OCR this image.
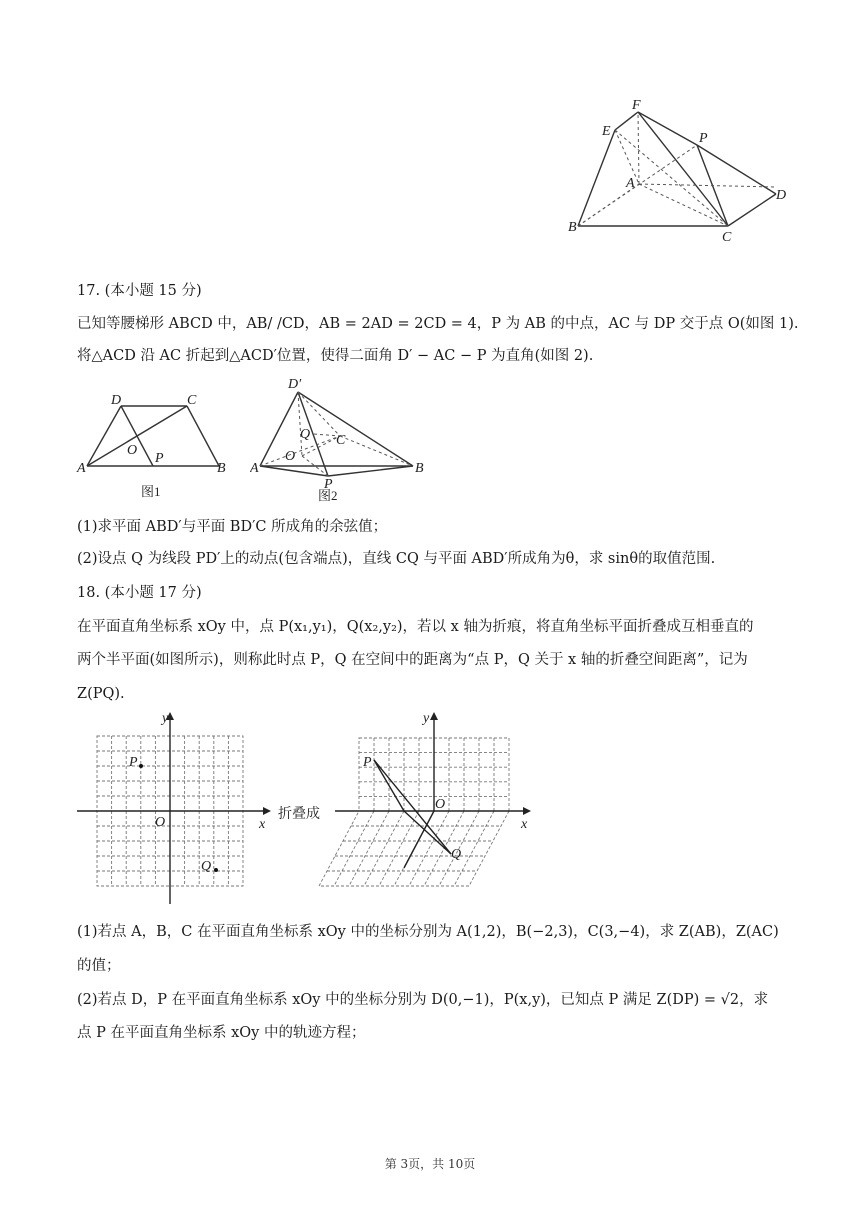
F
E	P
A
D
B
C
17. (本小题 15 分)
已知等腰梯形 ABCD 中，AB/ /CD，AB = 2AD = 2CD = 4，P 为 AB 的中点，AC 与 DP 交于点 O(如图 1).
将△ACD 沿 AC 折起到△ACD′位置，使得二面角 D′ − AC − P 为直角(如图 2).
D	C
A	B
O
P
图1
D′
Q C
O
A	B
P
图2
(1)求平面 ABD′与平面 BD′C 所成角的余弦值；
(2)设点 Q 为线段 PD′上的动点(包含端点)，直线 CQ 与平面 ABD′所成角为θ，求 sinθ的取值范围.
18. (本小题 17 分)
在平面直角坐标系 xOy 中，点 P(x₁,y₁)，Q(x₂,y₂)，若以 x 轴为折痕，将直角坐标平面折叠成互相垂直的
两个半平面(如图所示)，则称此时点 P，Q 在空间中的距离为“点 P，Q 关于 x 轴的折叠空间距离”，记为
Z(PQ).
y
x
O
P
Q
折叠成
y
x
O
P
Q
(1)若点 A，B，C 在平面直角坐标系 xOy 中的坐标分别为 A(1,2)，B(−2,3)，C(3,−4)，求 Z(AB)，Z(AC)
的值；
(2)若点 D，P 在平面直角坐标系 xOy 中的坐标分别为 D(0,−1)，P(x,y)，已知点 P 满足 Z(DP) = √2，求
点 P 在平面直角坐标系 xOy 中的轨迹方程；
第 3页，共 10页
